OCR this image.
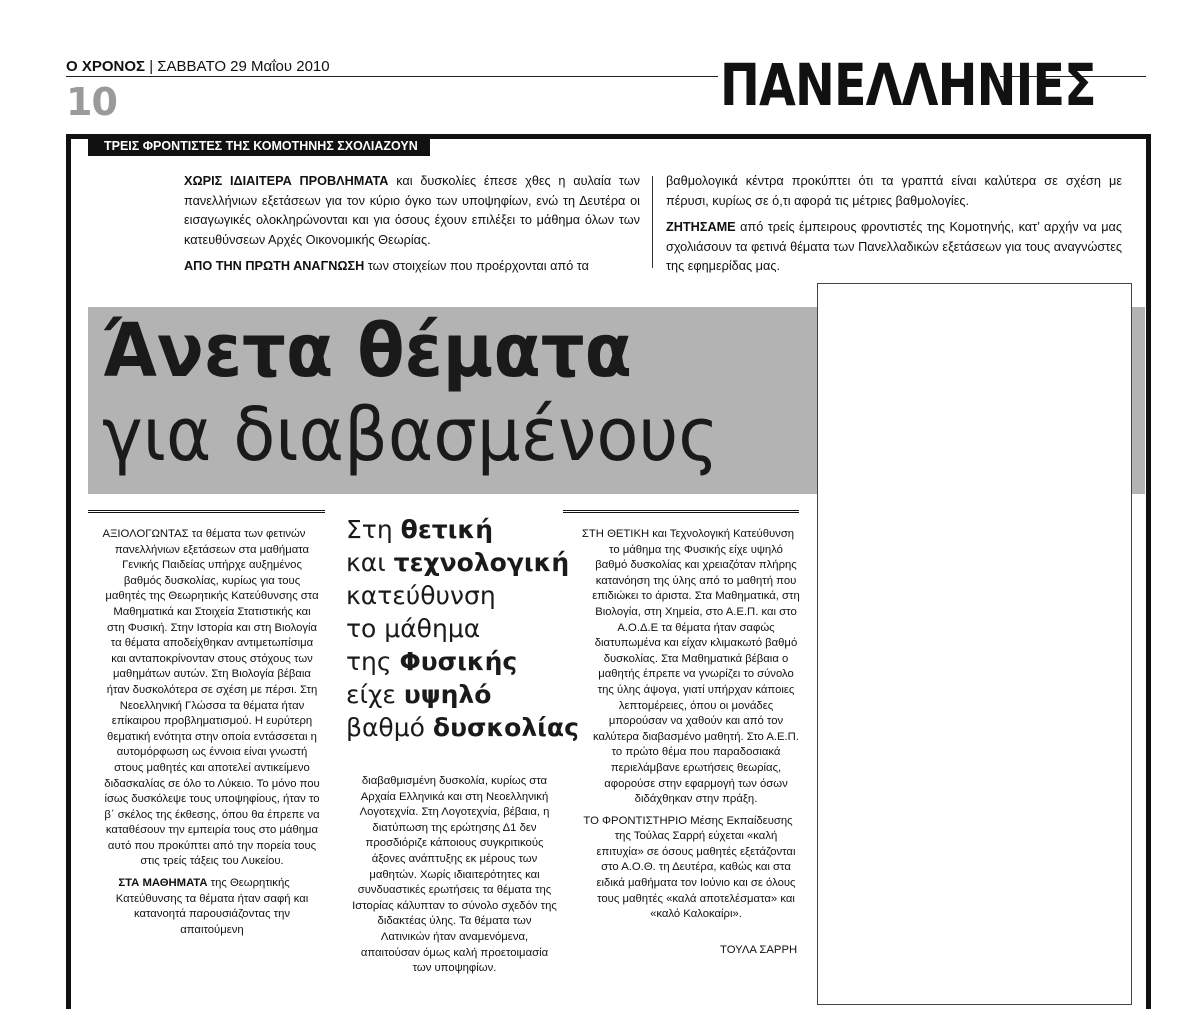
Ο ΧΡΟΝΟΣ | ΣΑΒΒΑΤΟ 29 Μαΐου 2010
10	ΠΑΝΕΛΛΗΝΙΕΣ
ΤΡΕΙΣ ΦΡΟΝΤΙΣΤΕΣ ΤΗΣ ΚΟΜΟΤΗΝΗΣ ΣΧΟΛΙΑΖΟΥΝ

ΧΩΡΙΣ ΙΔΙΑΙΤΕΡΑ ΠΡΟΒΛΗΜΑΤΑ και δυσκολίες έπεσε χθες η αυλαία των πανελλήνιων εξετάσεων για τον κύριο όγκο των υποψηφίων, ενώ τη Δευτέρα οι εισαγωγικές ολοκληρώνονται και για όσους έχουν επιλέξει το μάθημα όλων των κατευθύνσεων Αρχές Οικονομικής Θεωρίας.

ΑΠΟ ΤΗΝ ΠΡΩΤΗ ΑΝΑΓΝΩΣΗ των στοιχείων που προέρχονται από τα

βαθμολογικά κέντρα προκύπτει ότι τα γραπτά είναι καλύτερα σε σχέση με πέρυσι, κυρίως σε ό,τι αφορά τις μέτριες βαθμολογίες.

ΖΗΤΗΣΑΜΕ από τρείς έμπειρους φροντιστές της Κομοτηνής, κατ’ αρχήν να μας σχολιάσουν τα φετινά θέματα των Πανελλαδικών εξετάσεων για τους αναγνώστες της εφημερίδας μας.

Άνετα θέματα
για διαβασμένους

ΑΞΙΟΛΟΓΩΝΤΑΣ τα θέματα των φετινών πανελλήνιων εξετάσεων στα μαθήματα Γενικής Παιδείας υπήρχε αυξημένος βαθμός δυσκολίας, κυρίως για τους μαθητές της Θεωρητικής Κατεύθυνσης στα Μαθηματικά και Στοιχεία Στατιστικής και στη Φυσική. Στην Ιστορία και στη Βιολογία τα θέματα αποδείχθηκαν αντιμετωπίσιμα και ανταποκρίνονταν στους στόχους των μαθημάτων αυτών. Στη Βιολογία βέβαια ήταν δυσκολότερα σε σχέση με πέρσι. Στη Νεοελληνική Γλώσσα τα θέματα ήταν επίκαιρου προβληματισμού. Η ευρύτερη θεματική ενότητα στην οποία εντάσσεται η αυτομόρφωση ως έννοια είναι γνωστή στους μαθητές και αποτελεί αντικείμενο διδασκαλίας σε όλο το Λύκειο. Το μόνο που ίσως δυσκόλεψε τους υποψηφίους, ήταν το β΄ σκέλος της έκθεσης, όπου θα έπρεπε να καταθέσουν την εμπειρία τους στο μάθημα αυτό που προκύπτει από την πορεία τους στις τρείς τάξεις του Λυκείου.

ΣΤΑ ΜΑΘΗΜΑΤΑ της Θεωρητικής Κατεύθυνσης τα θέματα ήταν σαφή και κατανοητά παρουσιάζοντας την απαιτούμενη

Στη θετική
και τεχνολογική
κατεύθυνση
το μάθημα
της Φυσικής
είχε υψηλό
βαθμό δυσκολίας

διαβαθμισμένη δυσκολία, κυρίως στα Αρχαία Ελληνικά και στη Νεοελληνική Λογοτεχνία. Στη Λογοτεχνία, βέβαια, η διατύπωση της ερώτησης Δ1 δεν προσδιόριζε κάποιους συγκριτικούς άξονες ανάπτυξης εκ μέρους των μαθητών. Χωρίς ιδιαιτερότητες και συνδυαστικές ερωτήσεις τα θέματα της Ιστορίας κάλυπταν το σύνολο σχεδόν της διδακτέας ύλης. Τα θέματα των Λατινικών ήταν αναμενόμενα, απαιτούσαν όμως καλή προετοιμασία των υποψηφίων.

ΣΤΗ ΘΕΤΙΚΗ και Τεχνολογική Κατεύθυνση το μάθημα της Φυσικής είχε υψηλό βαθμό δυσκολίας και χρειαζόταν πλήρης κατανόηση της ύλης από το μαθητή που επιδιώκει το άριστα. Στα Μαθηματικά, στη Βιολογία, στη Χημεία, στο Α.Ε.Π. και στο Α.Ο.Δ.Ε τα θέματα ήταν σαφώς διατυπωμένα και είχαν κλιμακωτό βαθμό δυσκολίας. Στα Μαθηματικά βέβαια ο μαθητής έπρεπε να γνωρίζει το σύνολο της ύλης άψογα, γιατί υπήρχαν κάποιες λεπτομέρειες, όπου οι μονάδες μπορούσαν να χαθούν και από τον καλύτερα διαβασμένο μαθητή. Στο Α.Ε.Π. το πρώτο θέμα που παραδοσιακά περιελάμβανε ερωτήσεις θεωρίας, αφορούσε στην εφαρμογή των όσων διδάχθηκαν στην πράξη.

ΤΟ ΦΡΟΝΤΙΣΤΗΡΙΟ Μέσης Εκπαίδευσης της Τούλας Σαρρή εύχεται «καλή επιτυχία» σε όσους μαθητές εξετάζονται στο Α.Ο.Θ. τη Δευτέρα, καθώς και στα ειδικά μαθήματα τον Ιούνιο και σε όλους τους μαθητές «καλά αποτελέσματα» και «καλό Καλοκαίρι».

ΤΟΥΛΑ ΣΑΡΡΗ
